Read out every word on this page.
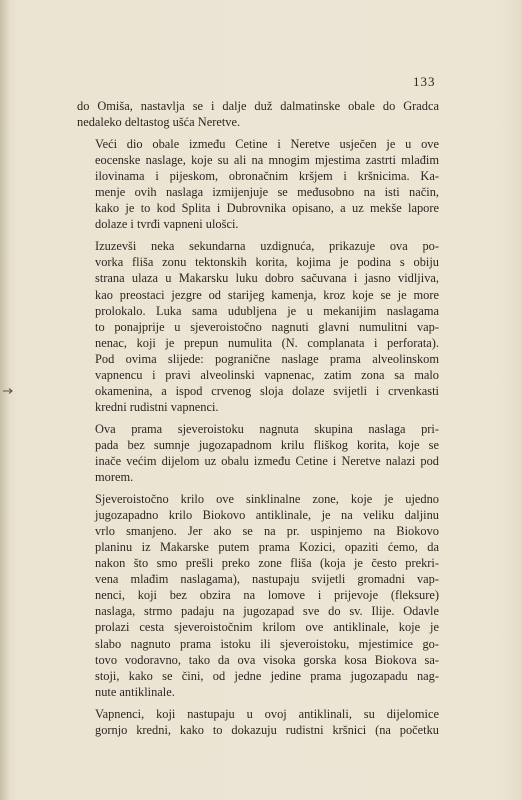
133
do Omiša, nastavlja se i dalje duž dalmatinske obale do Gradca
nedaleko deltastog ušća Neretve.
Veći dio obale između Cetine i Neretve usječen je u ove
eocenske naslage, koje su ali na mnogim mjestima zastrti mlađim
ilovinama i pijeskom, obronačnim kršjem i kršnicima. Ka-
menje ovih naslaga izmijenjuje se međusobno na isti način,
kako je to kod Splita i Dubrovnika opisano, a uz mekše lapore
dolaze i tvrđi vapneni ulošci.
Izuzevši neka sekundarna uzdignuća, prikazuje ova po-
vorka fliša zonu tektonskih korita, kojima je podina s obiju
strana ulaza u Makarsku luku dobro sačuvana i jasno vidljiva,
kao preostaci jezgre od starijeg kamenja, kroz koje se je more
prolokalo. Luka sama udubljena je u mekanijim naslagama
to ponajprije u sjeveroistočno nagnuti glavni numulitni vap-
nenac, koji je prepun numulita (N. complanata i perforata).
Pod ovima slijede: pogranične naslage prama alveolinskom
vapnencu i pravi alveolinski vapnenac, zatim zona sa malo
okamenina, a ispod crvenog sloja dolaze svijetli i crvenkasti
kredni rudistni vapnenci.
Ova prama sjeveroistoku nagnuta skupina naslaga pri-
pada bez sumnje jugozapadnom krilu fliškog korita, koje se
inače većim dijelom uz obalu između Cetine i Neretve nalazi pod
morem.
Sjeveroistočno krilo ove sinklinalne zone, koje je ujedno
jugozapadno krilo Biokovo antiklinale, je na veliku daljinu
vrlo smanjeno. Jer ako se na pr. uspinjemo na Biokovo
planinu iz Makarske putem prama Kozici, opaziti ćemo, da
nakon što smo prešli preko zone fliša (koja je često prekri-
vena mlađim naslagama), nastupaju svijetli gromadni vap-
nenci, koji bez obzira na lomove i prijevoje (fleksure)
naslaga, strmo padaju na jugozapad sve do sv. Ilije. Odavle
prolazi cesta sjeveroistočnim krilom ove antiklinale, koje je
slabo nagnuto prama istoku ili sjeveroistoku, mjestimice go-
tovo vodoravno, tako da ova visoka gorska kosa Biokova sa-
stoji, kako se čini, od jedne jedine prama jugozapadu nag-
nute antiklinale.
Vapnenci, koji nastupaju u ovoj antiklinali, su dijelomice
gornjo kredni, kako to dokazuju rudistni kršnici (na početku
